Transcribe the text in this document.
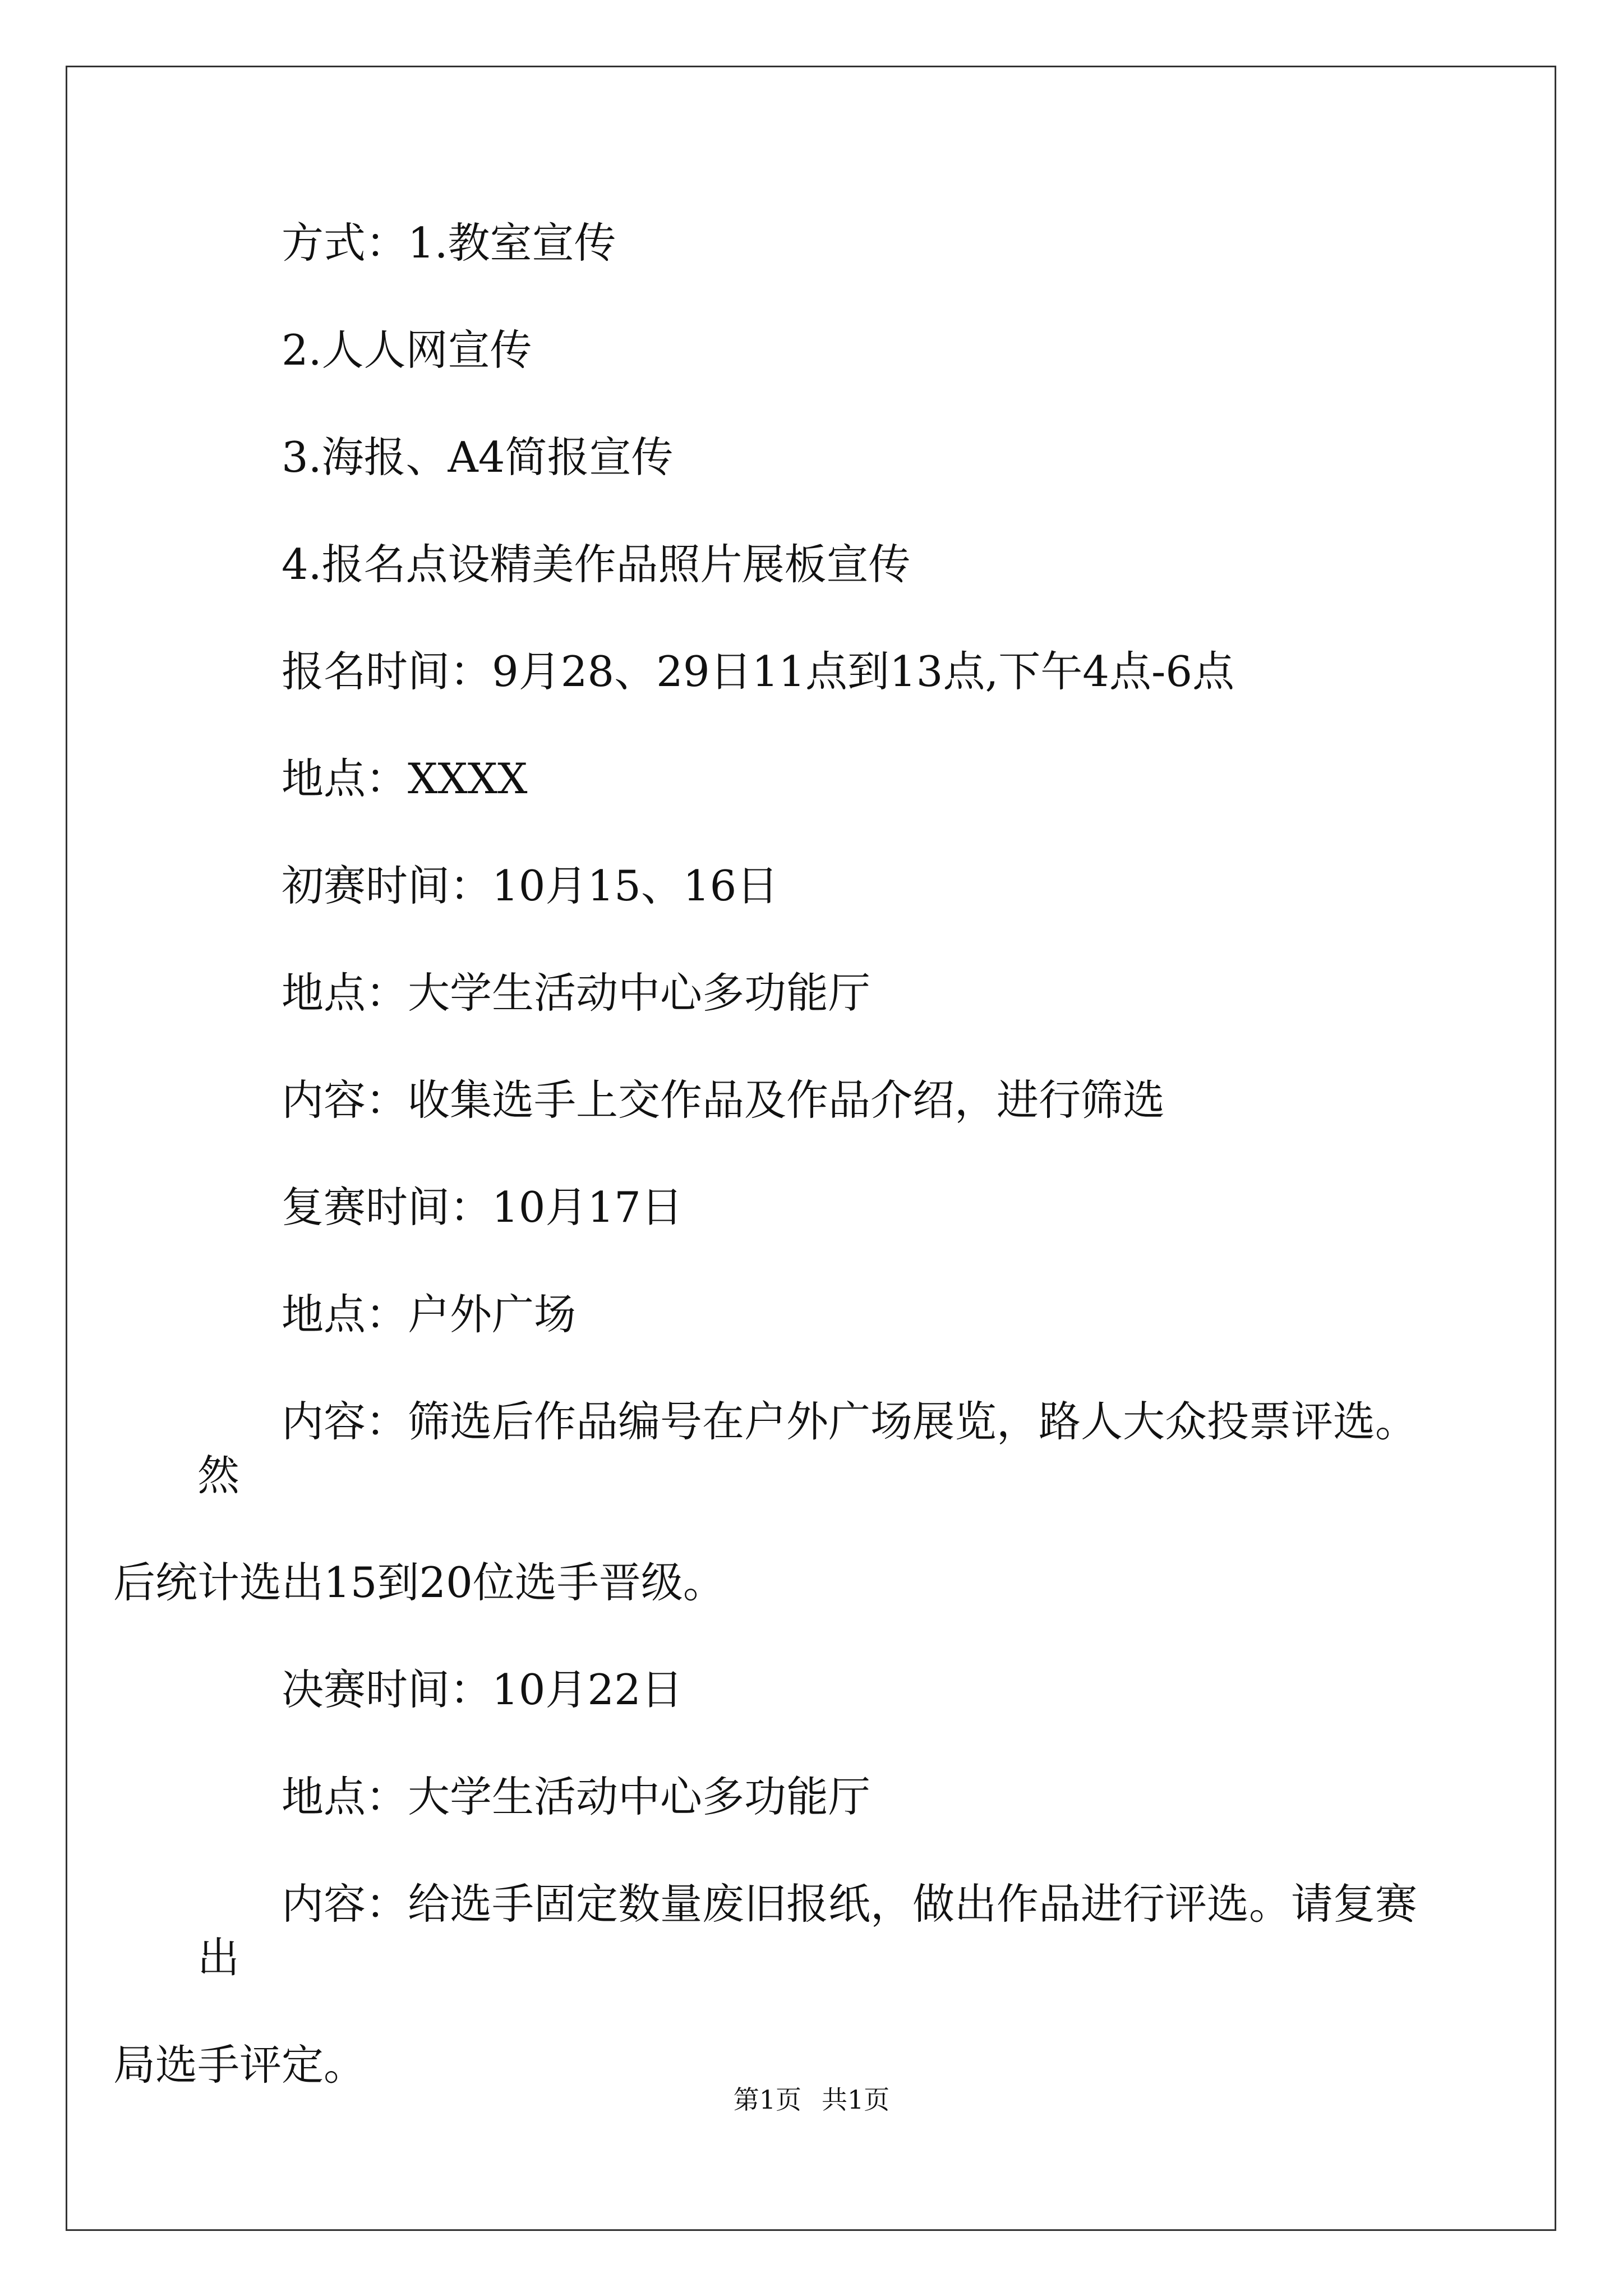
方式：1.教室宣传

2.人人网宣传

3.海报、A4简报宣传

4.报名点设精美作品照片展板宣传

报名时间：9月28、29日11点到13点,下午4点-6点

地点：XXXX

初赛时间：10月15、16日

地点：大学生活动中心多功能厅

内容：收集选手上交作品及作品介绍，进行筛选

复赛时间：10月17日

地点：户外广场

内容：筛选后作品编号在户外广场展览，路人大众投票评选。然
后统计选出15到20位选手晋级。

决赛时间：10月22日

地点：大学生活动中心多功能厅

内容：给选手固定数量废旧报纸，做出作品进行评选。请复赛出
局选手评定。

第1页 共1页
